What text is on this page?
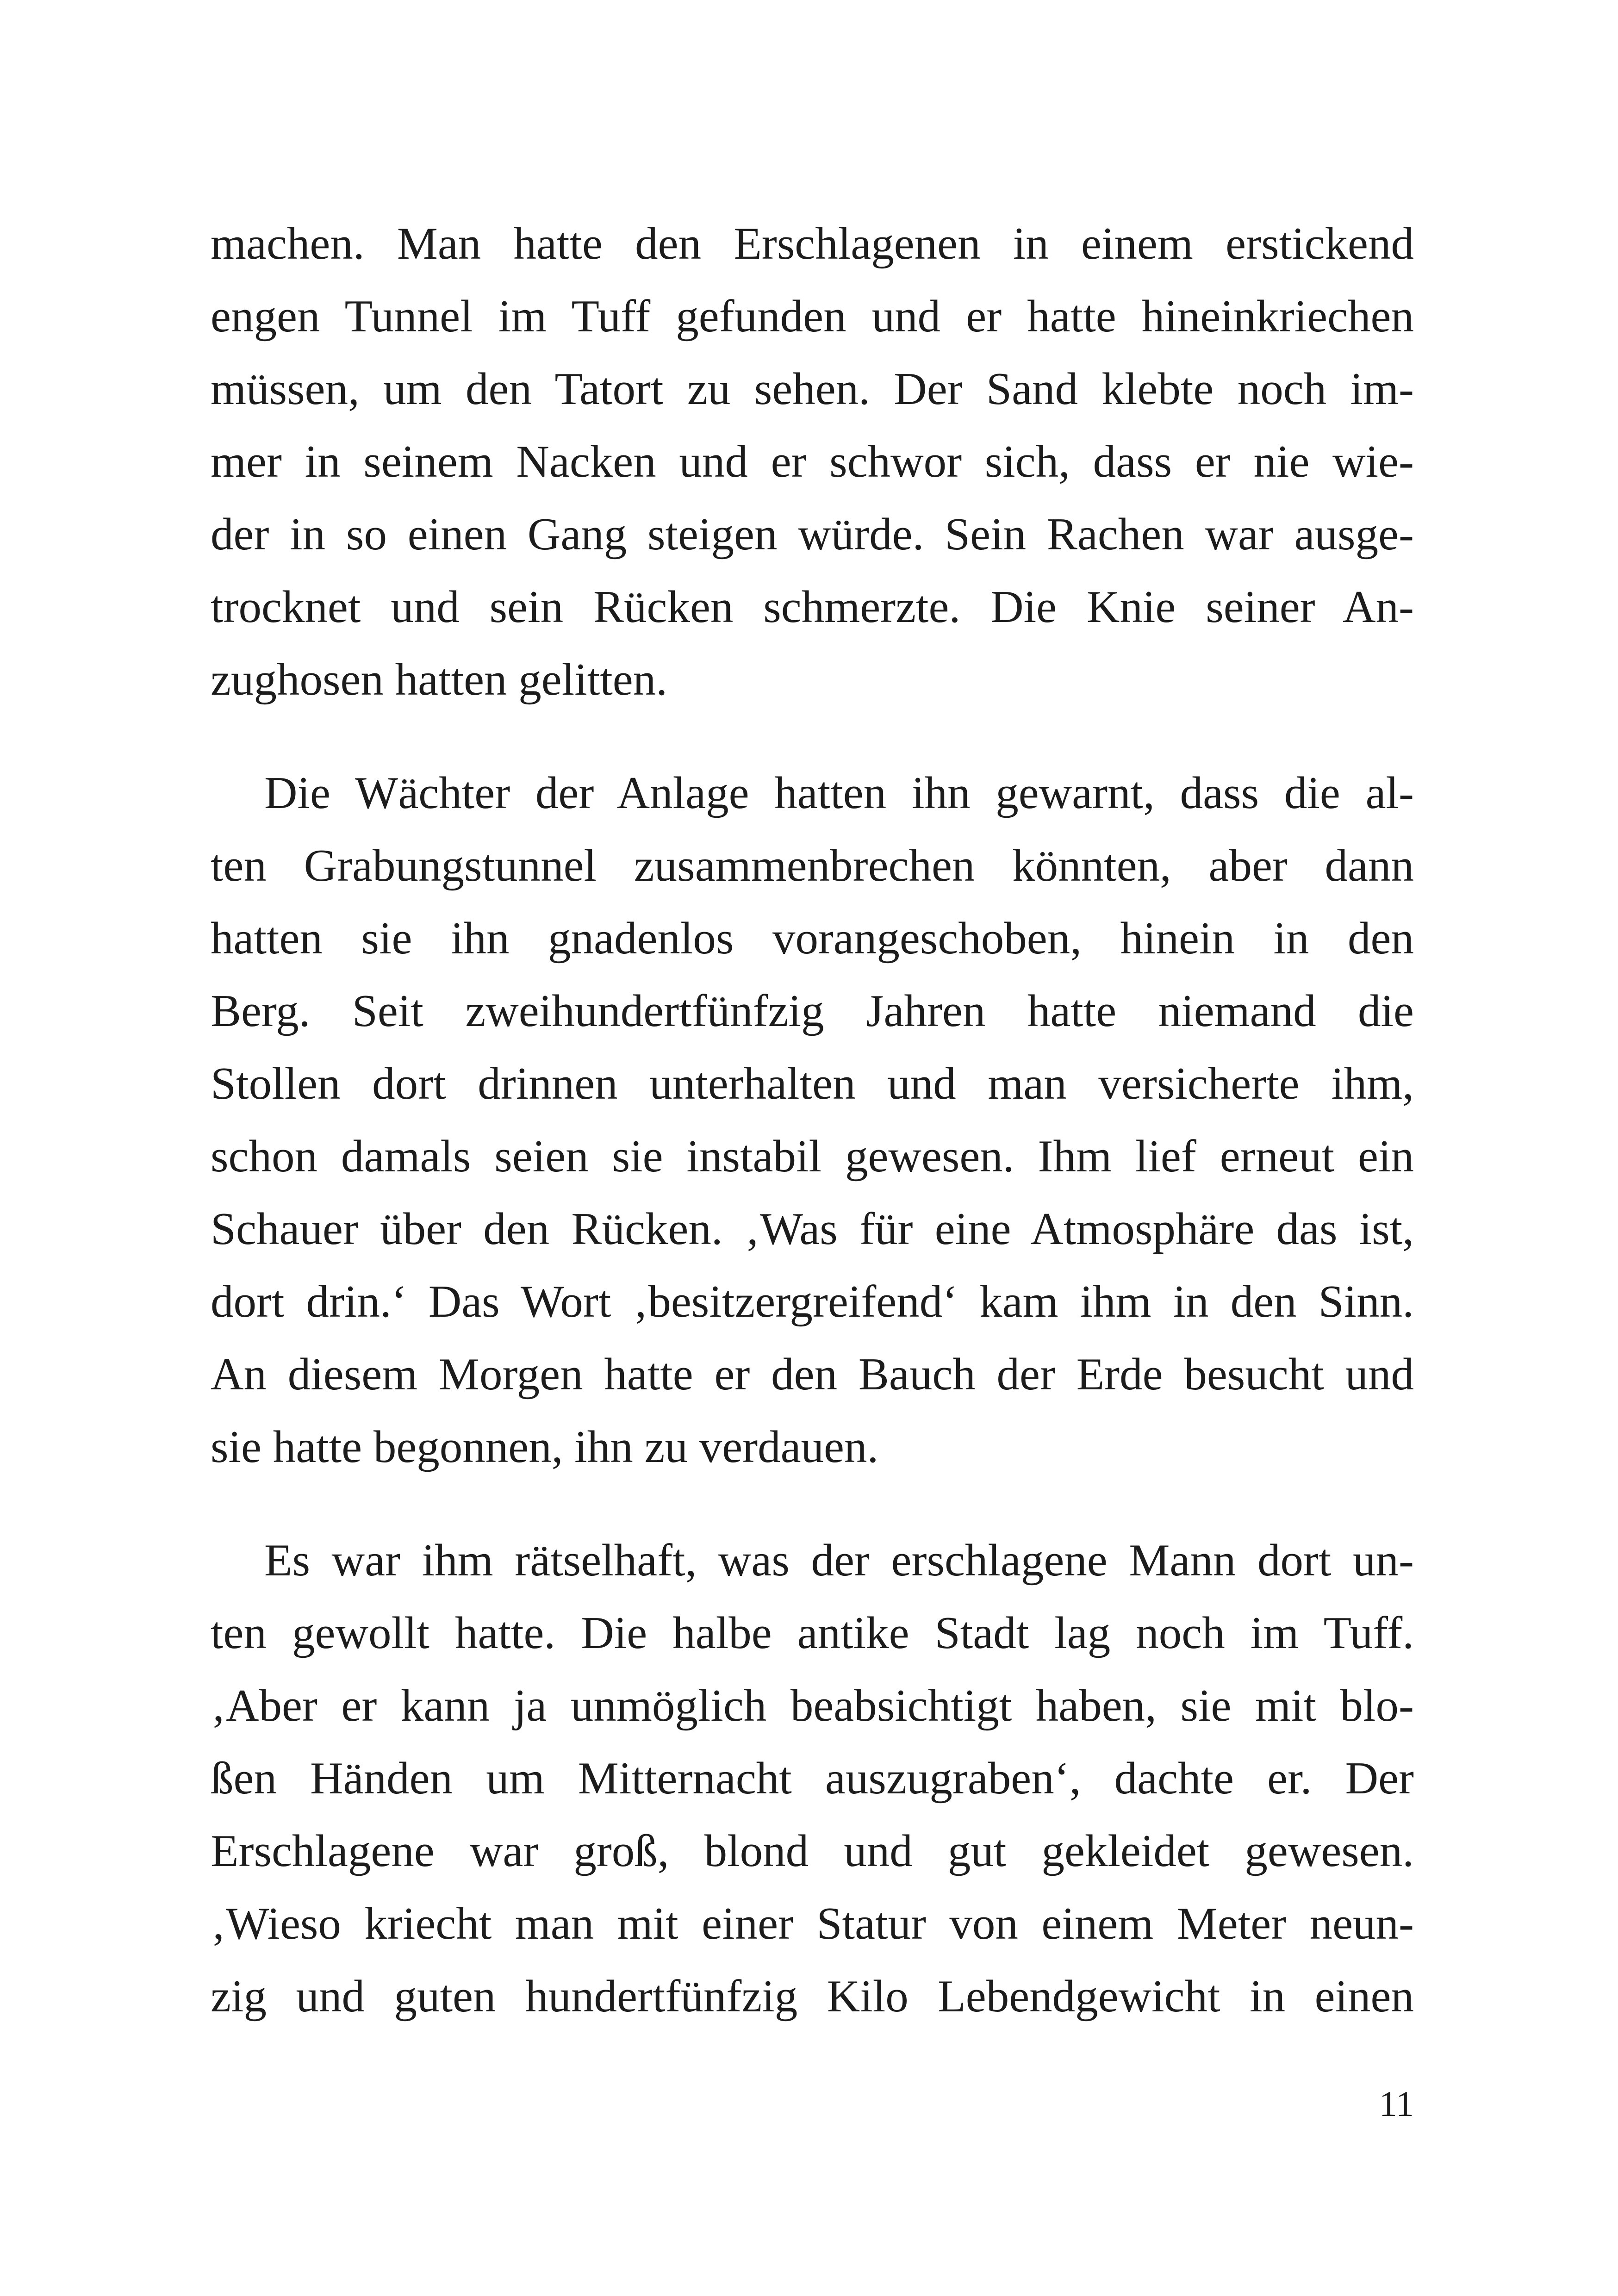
machen. Man hatte den Erschlagenen in einem erstickend
engen Tunnel im Tuff gefunden und er hatte hineinkriechen
müssen, um den Tatort zu sehen. Der Sand klebte noch im-
mer in seinem Nacken und er schwor sich, dass er nie wie-
der in so einen Gang steigen würde. Sein Rachen war ausge-
trocknet und sein Rücken schmerzte. Die Knie seiner An-
zughosen hatten gelitten.

Die Wächter der Anlage hatten ihn gewarnt, dass die al-
ten Grabungstunnel zusammenbrechen könnten, aber dann
hatten sie ihn gnadenlos vorangeschoben, hinein in den
Berg. Seit zweihundertfünfzig Jahren hatte niemand die
Stollen dort drinnen unterhalten und man versicherte ihm,
schon damals seien sie instabil gewesen. Ihm lief erneut ein
Schauer über den Rücken. ‚Was für eine Atmosphäre das ist,
dort drin.‘ Das Wort ‚besitzergreifend‘ kam ihm in den Sinn.
An diesem Morgen hatte er den Bauch der Erde besucht und
sie hatte begonnen, ihn zu verdauen.

Es war ihm rätselhaft, was der erschlagene Mann dort un-
ten gewollt hatte. Die halbe antike Stadt lag noch im Tuff.
‚Aber er kann ja unmöglich beabsichtigt haben, sie mit blo-
ßen Händen um Mitternacht auszugraben‘, dachte er. Der
Erschlagene war groß, blond und gut gekleidet gewesen.
‚Wieso kriecht man mit einer Statur von einem Meter neun-
zig und guten hundertfünfzig Kilo Lebendgewicht in einen

11
